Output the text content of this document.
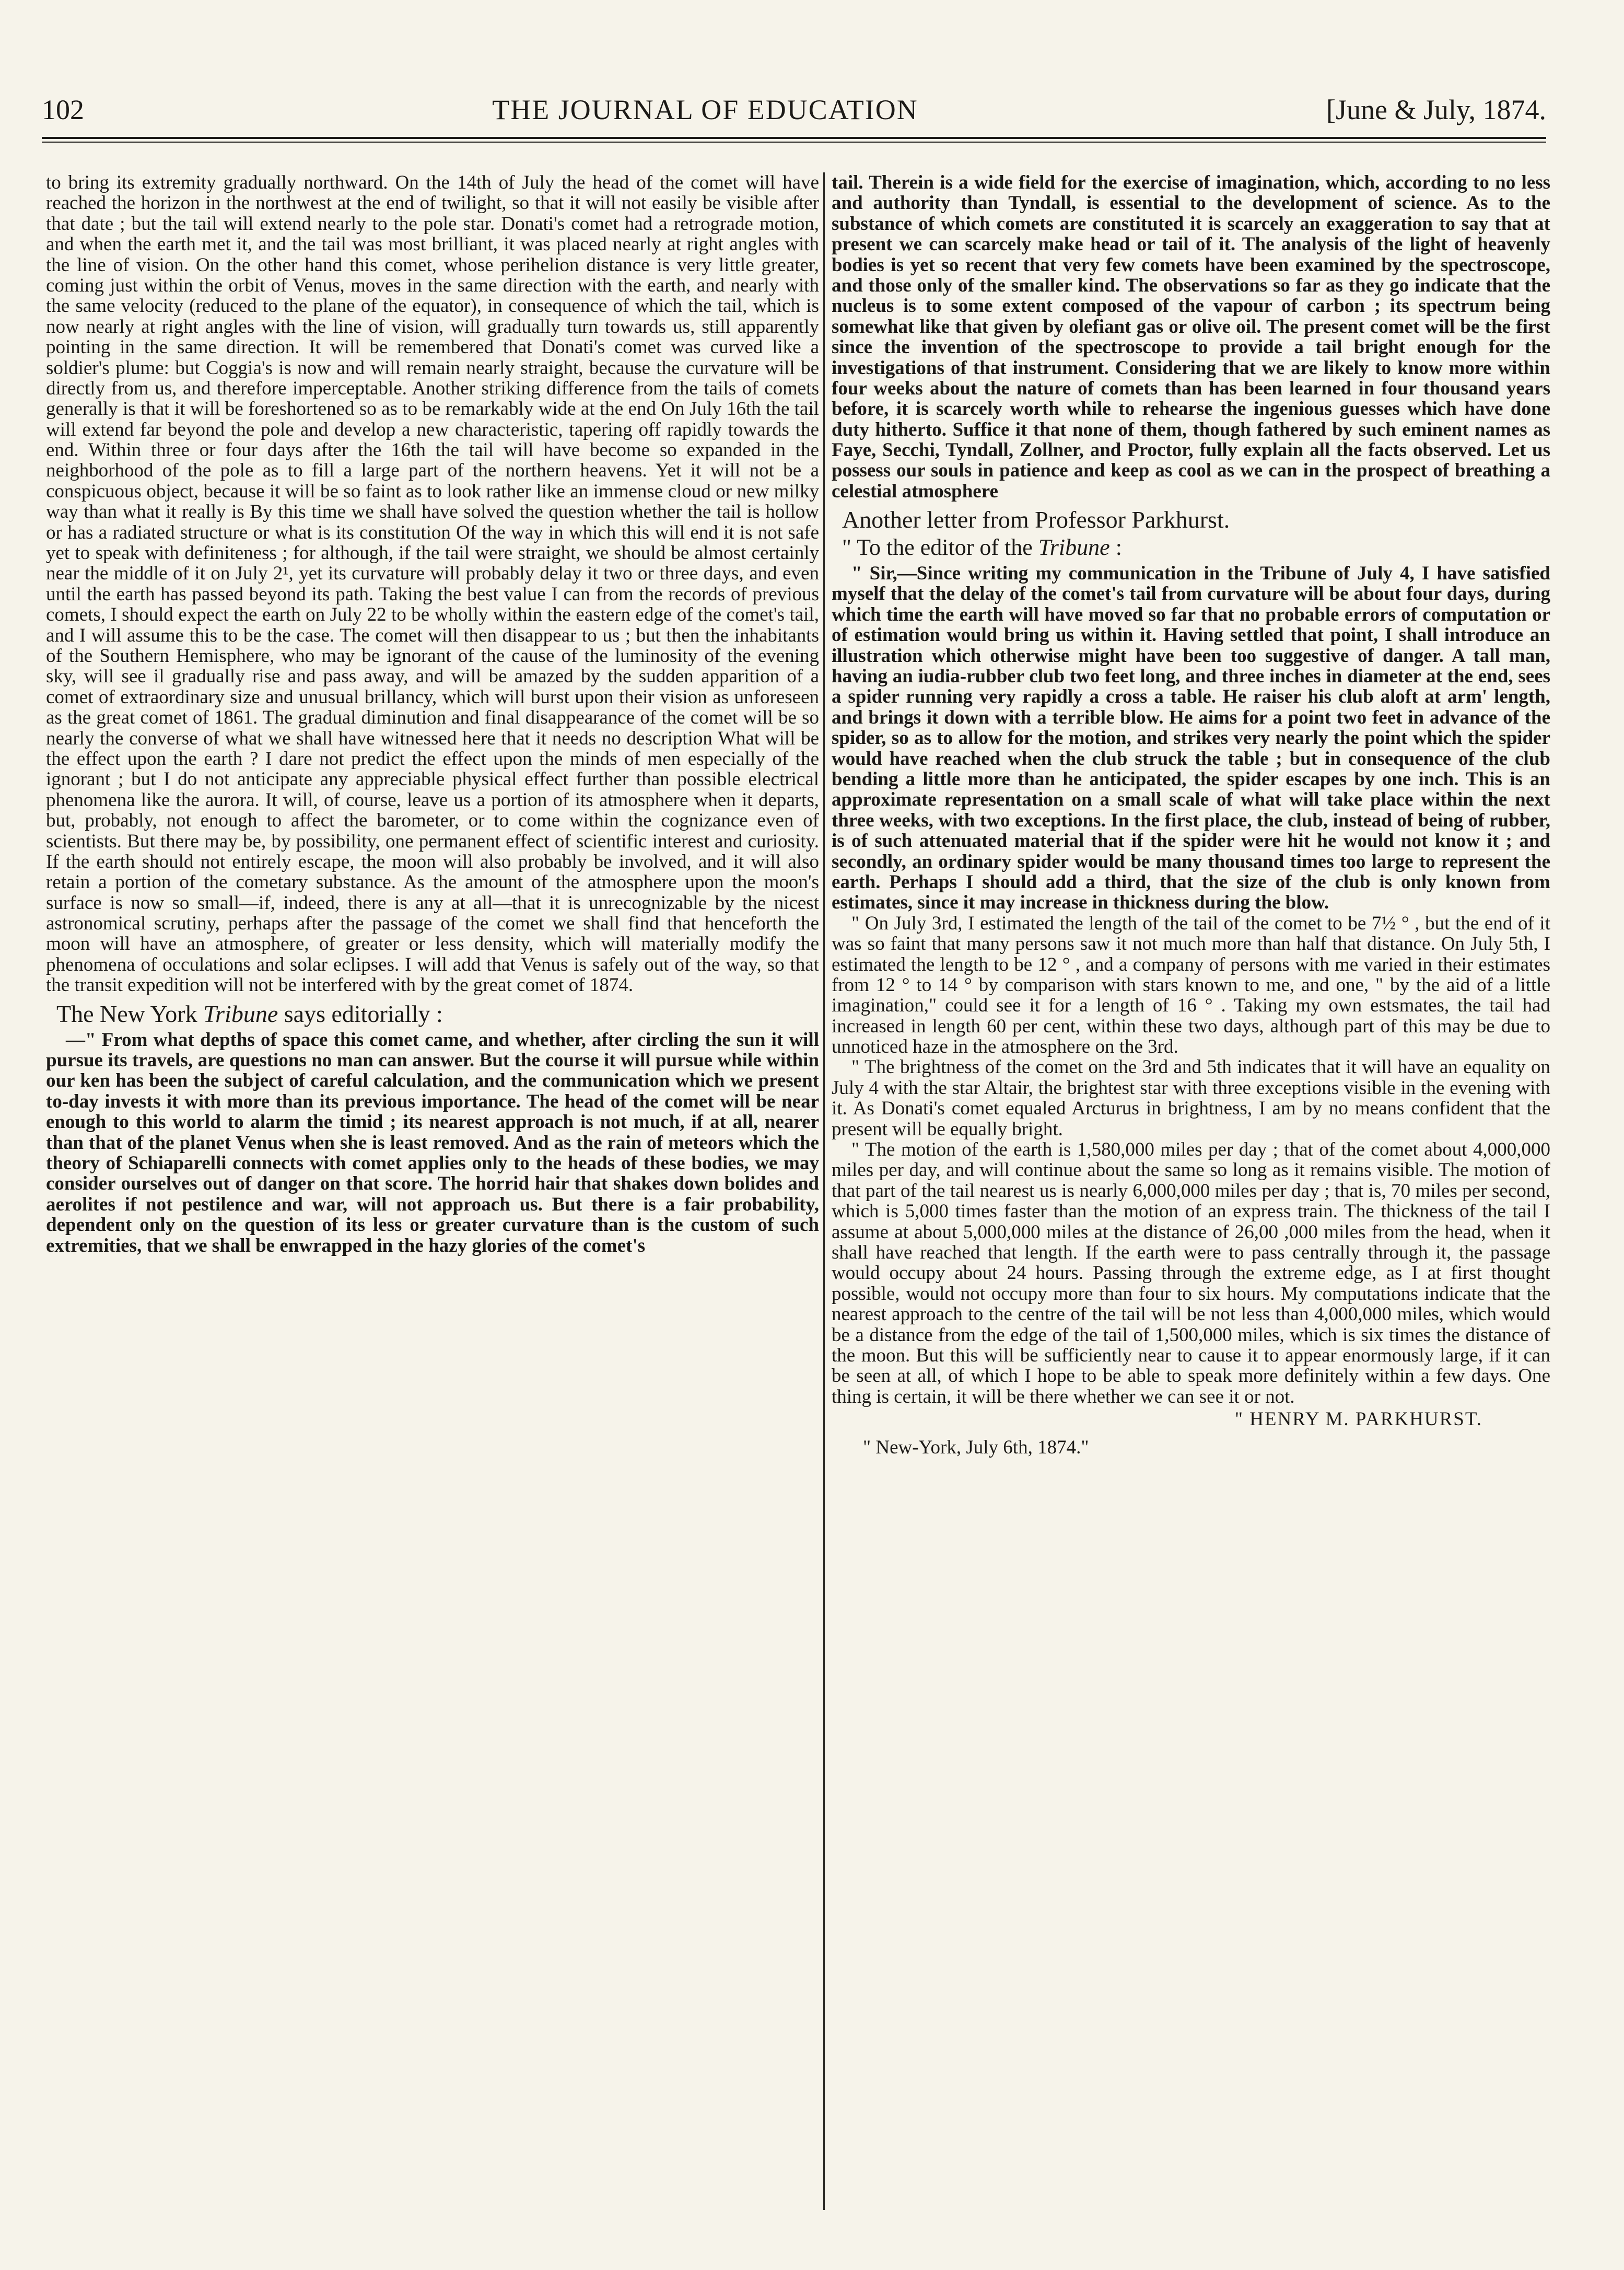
102	THE JOURNAL OF EDUCATION	[June & July, 1874.

to bring its extremity gradually northward. On the 14th of July the head of the comet will have reached the horizon in the northwest at the end of twilight, so that it will not easily be visible after that date ; but the tail will extend nearly to the pole star. Donati's comet had a retrograde motion, and when the earth met it, and the tail was most brilliant, it was placed nearly at right angles with the line of vision. On the other hand this comet, whose perihelion distance is very little greater, coming just within the orbit of Venus, moves in the same direction with the earth, and nearly with the same velocity (reduced to the plane of the equator), in consequence of which the tail, which is now nearly at right angles with the line of vision, will gradually turn towards us, still apparently pointing in the same direction. It will be remembered that Donati's comet was curved like a soldier's plume: but Coggia's is now and will remain nearly straight, because the curvature will be directly from us, and therefore imperceptable. Another striking difference from the tails of comets generally is that it will be foreshortened so as to be remarkably wide at the end On July 16th the tail will extend far beyond the pole and develop a new characteristic, tapering off rapidly towards the end. Within three or four days after the 16th the tail will have become so expanded in the neighborhood of the pole as to fill a large part of the northern heavens. Yet it will not be a conspicuous object, because it will be so faint as to look rather like an immense cloud or new milky way than what it really is By this time we shall have solved the question whether the tail is hollow or has a radiated structure or what is its constitution Of the way in which this will end it is not safe yet to speak with definiteness ; for although, if the tail were straight, we should be almost certainly near the middle of it on July 2¹, yet its curvature will probably delay it two or three days, and even until the earth has passed beyond its path. Taking the best value I can from the records of previous comets, I should expect the earth on July 22 to be wholly within the eastern edge of the comet's tail, and I will assume this to be the case. The comet will then disappear to us ; but then the inhabitants of the Southern Hemisphere, who may be ignorant of the cause of the luminosity of the evening sky, will see il gradually rise and pass away, and will be amazed by the sudden apparition of a comet of extraordinary size and unusual brillancy, which will burst upon their vision as unforeseen as the great comet of 1861. The gradual diminution and final disappearance of the comet will be so nearly the converse of what we shall have witnessed here that it needs no description What will be the effect upon the earth ? I dare not predict the effect upon the minds of men especially of the ignorant ; but I do not anticipate any appreciable physical effect further than possible electrical phenomena like the aurora. It will, of course, leave us a portion of its atmosphere when it departs, but, probably, not enough to affect the barometer, or to come within the cognizance even of scientists. But there may be, by possibility, one permanent effect of scientific interest and curiosity. If the earth should not entirely escape, the moon will also probably be involved, and it will also retain a portion of the cometary substance. As the amount of the atmosphere upon the moon's surface is now so small—if, indeed, there is any at all—that it is unrecognizable by the nicest astronomical scrutiny, perhaps after the passage of the comet we shall find that henceforth the moon will have an atmosphere, of greater or less density, which will materially modify the phenomena of occulations and solar eclipses. I will add that Venus is safely out of the way, so that the transit expedition will not be interfered with by the great comet of 1874.

The New York Tribune says editorially :

—" From what depths of space this comet came, and whether, after circling the sun it will pursue its travels, are questions no man can answer. But the course it will pursue while within our ken has been the subject of careful calculation, and the communication which we present to-day invests it with more than its previous importance. The head of the comet will be near enough to this world to alarm the timid ; its nearest approach is not much, if at all, nearer than that of the planet Venus when she is least removed. And as the rain of meteors which the theory of Schiaparelli connects with comet applies only to the heads of these bodies, we may consider ourselves out of danger on that score. The horrid hair that shakes down bolides and aerolites if not pestilence and war, will not approach us. But there is a fair probability, dependent only on the question of its less or greater curvature than is the custom of such extremities, that we shall be enwrapped in the hazy glories of the comet's

tail. Therein is a wide field for the exercise of imagination, which, according to no less and authority than Tyndall, is essential to the development of science. As to the substance of which comets are constituted it is scarcely an exaggeration to say that at present we can scarcely make head or tail of it. The analysis of the light of heavenly bodies is yet so recent that very few comets have been examined by the spectroscope, and those only of the smaller kind. The observations so far as they go indicate that the nucleus is to some extent composed of the vapour of carbon ; its spectrum being somewhat like that given by olefiant gas or olive oil. The present comet will be the first since the invention of the spectroscope to provide a tail bright enough for the investigations of that instrument. Considering that we are likely to know more within four weeks about the nature of comets than has been learned in four thousand years before, it is scarcely worth while to rehearse the ingenious guesses which have done duty hitherto. Suffice it that none of them, though fathered by such eminent names as Faye, Secchi, Tyndall, Zollner, and Proctor, fully explain all the facts observed. Let us possess our souls in patience and keep as cool as we can in the prospect of breathing a celestial atmosphere

Another letter from Professor Parkhurst.
" To the editor of the Tribune :

" Sir,—Since writing my communication in the Tribune of July 4, I have satisfied myself that the delay of the comet's tail from curvature will be about four days, during which time the earth will have moved so far that no probable errors of computation or of estimation would bring us within it. Having settled that point, I shall introduce an illustration which otherwise might have been too suggestive of danger. A tall man, having an iudia-rubber club two feet long, and three inches in diameter at the end, sees a spider running very rapidly a cross a table. He raiser his club aloft at arm' length, and brings it down with a terrible blow. He aims for a point two feet in advance of the spider, so as to allow for the motion, and strikes very nearly the point which the spider would have reached when the club struck the table ; but in consequence of the club bending a little more than he anticipated, the spider escapes by one inch. This is an approximate representation on a small scale of what will take place within the next three weeks, with two exceptions. In the first place, the club, instead of being of rubber, is of such attenuated material that if the spider were hit he would not know it ; and secondly, an ordinary spider would be many thousand times too large to represent the earth. Perhaps I should add a third, that the size of the club is only known from estimates, since it may increase in thickness during the blow.

" On July 3rd, I estimated the length of the tail of the comet to be 7½ ° , but the end of it was so faint that many persons saw it not much more than half that distance. On July 5th, I estimated the length to be 12 ° , and a company of persons with me varied in their estimates from 12 ° to 14 ° by comparison with stars known to me, and one, " by the aid of a little imagination," could see it for a length of 16 ° . Taking my own estsmates, the tail had increased in length 60 per cent, within these two days, although part of this may be due to unnoticed haze in the atmosphere on the 3rd.

" The brightness of the comet on the 3rd and 5th indicates that it will have an equality on July 4 with the star Altair, the brightest star with three exceptions visible in the evening with it. As Donati's comet equaled Arcturus in brightness, I am by no means confident that the present will be equally bright.

" The motion of the earth is 1,580,000 miles per day ; that of the comet about 4,000,000 miles per day, and will continue about the same so long as it remains visible. The motion of that part of the tail nearest us is nearly 6,000,000 miles per day ; that is, 70 miles per second, which is 5,000 times faster than the motion of an express train. The thickness of the tail I assume at about 5,000,000 miles at the distance of 26,00 ,000 miles from the head, when it shall have reached that length. If the earth were to pass centrally through it, the passage would occupy about 24 hours. Passing through the extreme edge, as I at first thought possible, would not occupy more than four to six hours. My computations indicate that the nearest approach to the centre of the tail will be not less than 4,000,000 miles, which would be a distance from the edge of the tail of 1,500,000 miles, which is six times the distance of the moon. But this will be sufficiently near to cause it to appear enormously large, if it can be seen at all, of which I hope to be able to speak more definitely within a few days. One thing is certain, it will be there whether we can see it or not.

" HENRY M. PARKHURST.
" New-York, July 6th, 1874."
